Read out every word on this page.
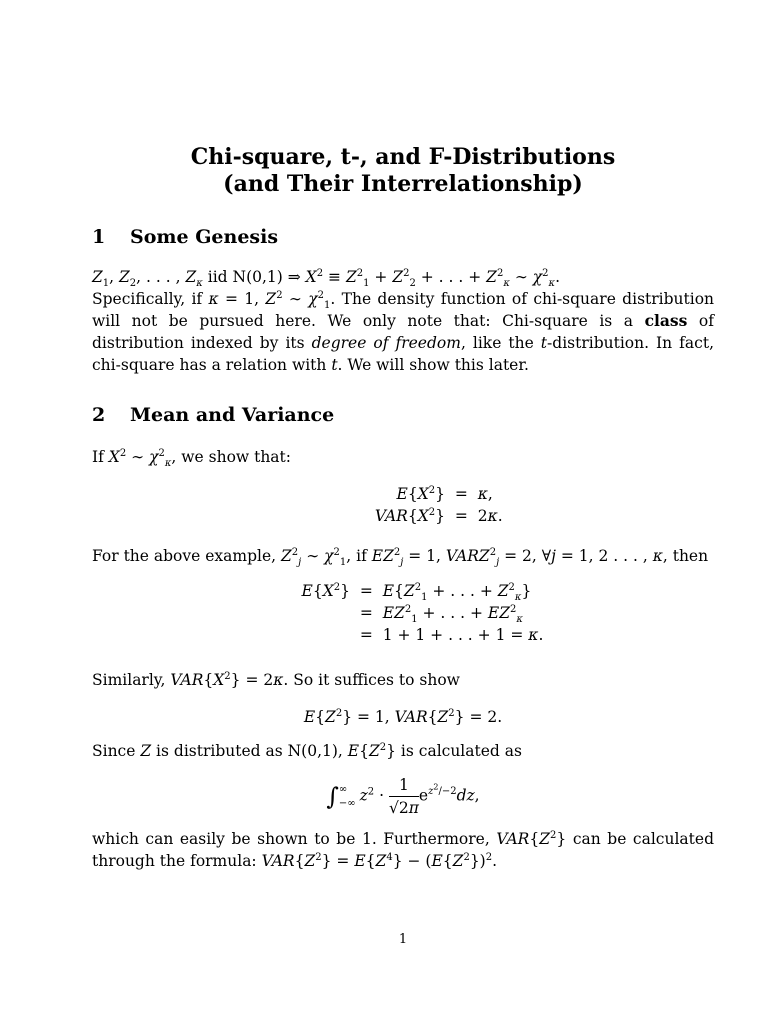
Chi-square, t-, and F-Distributions
(and Their Interrelationship)
1 Some Genesis
$Z_1$, $Z_2$, . . . , $Z_\kappa$ iid N(0,1) ⇒ $X^2 \equiv Z^2_1 + Z^2_2$ + . . . + $Z^2_\kappa$ ∼ $\chi^2_\kappa$.
Specifically, if κ = 1, $Z^2$ ∼ $\chi^2_1$. The density function of chi-square distribution will not be pursued here. We only note that: Chi-square is a class of distribution indexed by its degree of freedom, like the t-distribution. In fact, chi-square has a relation with t. We will show this later.
2 Mean and Variance
If $X^2$ ∼ $\chi^2_\kappa$, we show that:
$E\{X^2\} = \kappa$,
$VAR\{X^2\} = 2\kappa$.
For the above example, $Z^2_j$ ∼ $\chi^2_1$, if $EZ^2_j = 1$, $VARZ^2_j = 2$, ∀j = 1, 2 . . . , κ, then
$E\{X^2\} = E\{Z^2_1$ + . . . + $Z^2_\kappa$}
=  $EZ^2_1$ + . . . + $EZ^2_\kappa$
=  1 + 1 + . . . + 1 = κ.
Similarly, $VAR\{X^2\} = 2\kappa$. So it suffices to show
$E\{Z^2\} = 1$, $VAR\{Z^2\} = 2$.
Since Z is distributed as N(0,1), $E\{Z^2\}$ is calculated as
∫ ∞
−∞ $z^2 \cdot \frac{1}{√2\pi} e^{z^2/-2}dz$,
which can easily be shown to be 1. Furthermore, $VAR\{Z^2\}$ can be calculated through the formula: $VAR\{Z^2\} = E\{Z^4\} - (E\{Z^2\})^2$.
1
